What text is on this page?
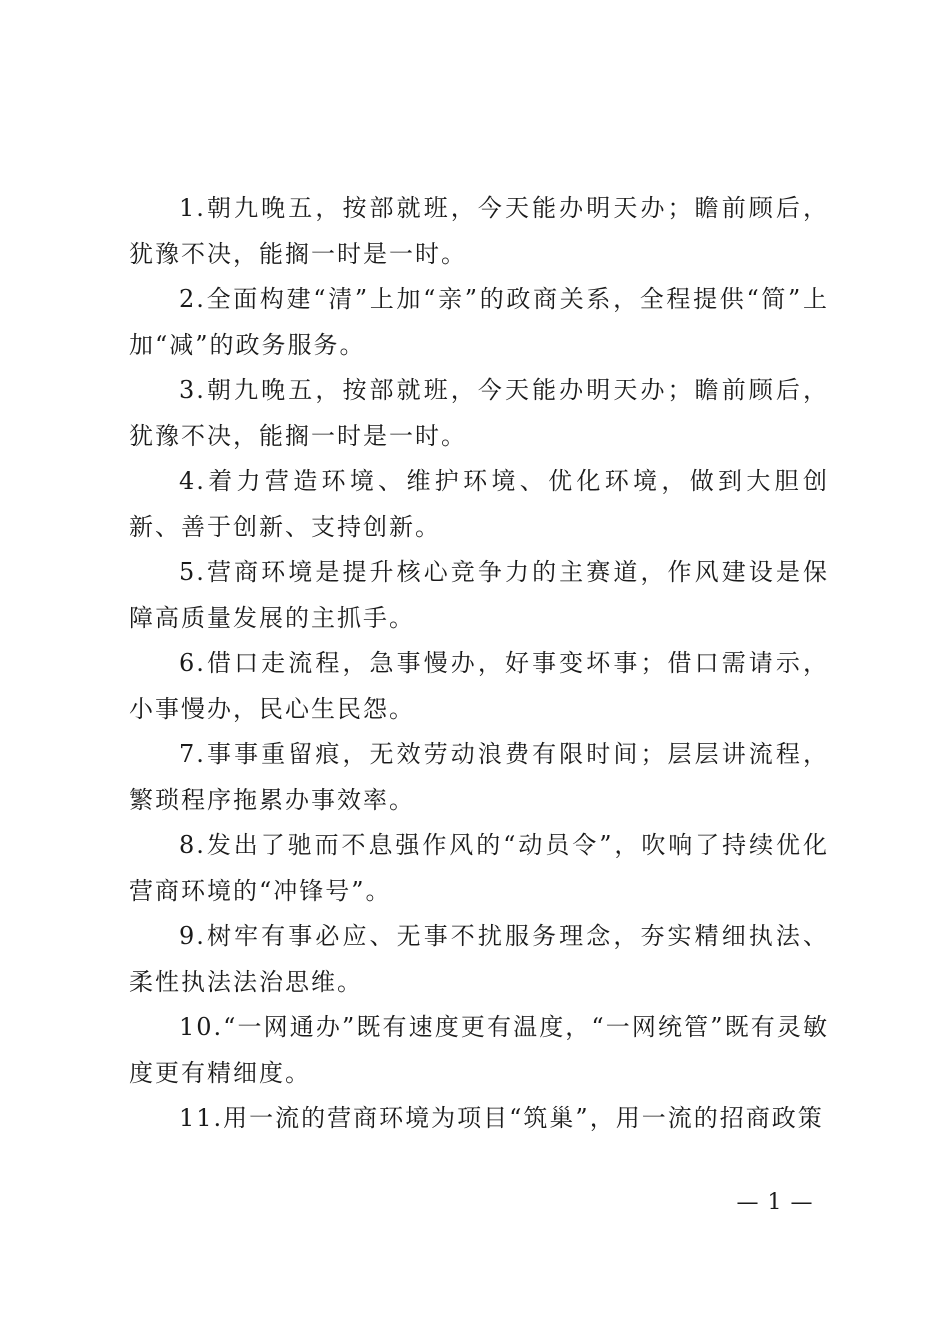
1.朝九晚五，按部就班，今天能办明天办；瞻前顾后，犹豫不决，能搁一时是一时。

2.全面构建“清”上加“亲”的政商关系，全程提供“简”上加“减”的政务服务。

3.朝九晚五，按部就班，今天能办明天办；瞻前顾后，犹豫不决，能搁一时是一时。

4.着力营造环境、维护环境、优化环境，做到大胆创新、善于创新、支持创新。

5.营商环境是提升核心竞争力的主赛道，作风建设是保障高质量发展的主抓手。

6.借口走流程，急事慢办，好事变坏事；借口需请示，小事慢办，民心生民怨。

7.事事重留痕，无效劳动浪费有限时间；层层讲流程，繁琐程序拖累办事效率。

8.发出了驰而不息强作风的“动员令”，吹响了持续优化营商环境的“冲锋号”。

9.树牢有事必应、无事不扰服务理念，夯实精细执法、柔性执法法治思维。

10.“一网通办”既有速度更有温度，“一网统管”既有灵敏度更有精细度。

11.用一流的营商环境为项目“筑巢”，用一流的招商政策

— 1 —
